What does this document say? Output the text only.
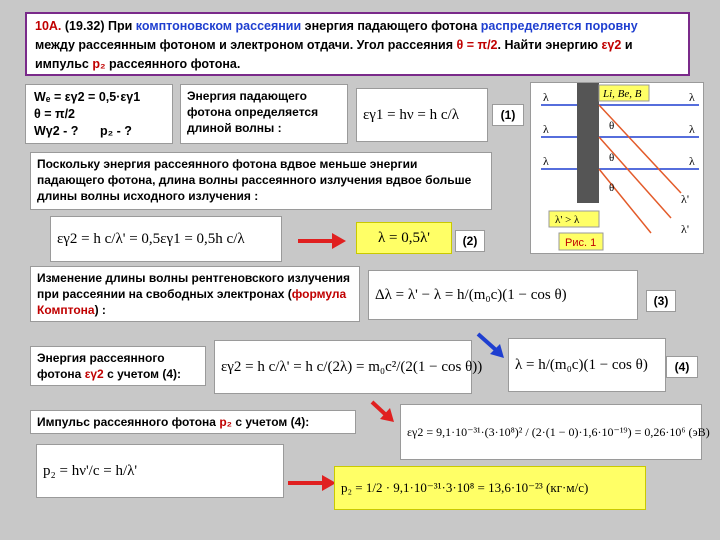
10А. (19.32) При комптоновском рассеянии энергия падающего фотона распределяется поровну между рассеянным фотоном и электроном отдачи. Угол рассеяния θ = π/2. Найти энергию εγ2 и импульс p₂ рассеянного фотона.
Wₑ = εγ2 = 0,5·εγ1
θ = π/2
Wγ2 - ? p₂ - ?
Энергия падающего фотона определяется длиной волны :
εγ1 = hν = h c/λ	(1)
Li, Be, B
λ
λ
λ
λ
λ
λ
θ
θ
θ
λ'
λ'
λ' > λ
Рис. 1
Поскольку энергия рассеянного фотона вдвое меньше энергии падающего фотона, длина волны рассеянного излучения вдвое больше длины волны исходного излучения :
εγ2 = h c/λ' = 0,5εγ1 = 0,5h c/λ	λ = 0,5λ'	(2)
Изменение длины волны рентгеновского излучения при рассеянии на свободных электронах (формула Комптона) :
Δλ = λ' − λ = h/(m₀c)(1 − cos θ)	(3)
Энергия рассеянного фотона εγ2 с учетом (4):	εγ2 = h c/λ' = h c/(2λ) = m₀c²/(2(1 − cos θ)) λ = h/(m₀c)(1 − cos θ)	(4)
Импульс рассеянного фотона p₂ с учетом (4):
εγ2 = 9,1·10⁻³¹·(3·10⁸)² / (2·(1 − 0)·1,6·10⁻¹⁹) = 0,26·10⁶ (эВ)
p₂ = hν'/c = h/λ'
p₂ = 1/2 · 9,1·10⁻³¹·3·10⁸ = 13,6·10⁻²³ (кг·м/с)
